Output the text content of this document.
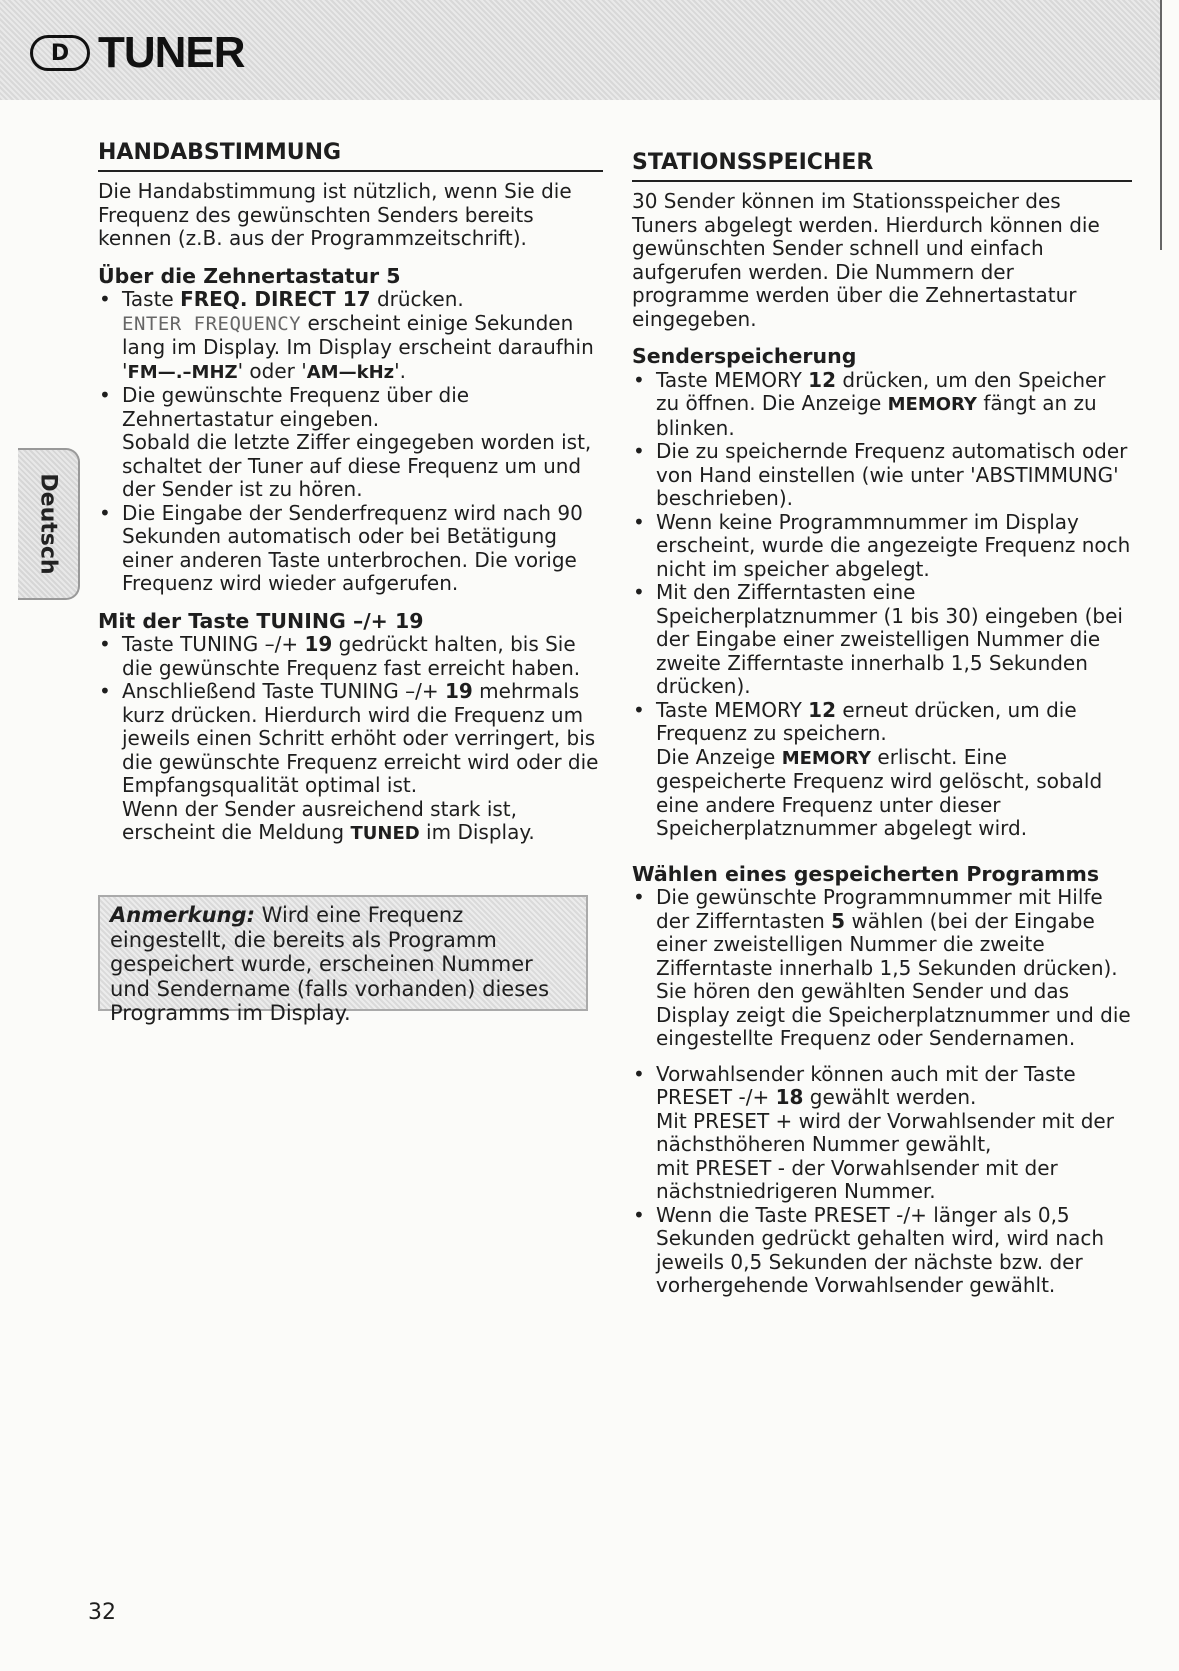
D TUNER
Deutsch
HANDABSTIMMUNG

Die Handabstimmung ist nützlich, wenn Sie die Frequenz des gewünschten Senders bereits kennen (z.B. aus der Programmzeitschrift).

Über die Zehnertastatur 5
• Taste FREQ. DIRECT 17 drücken.
ENTER FREQUENCY erscheint einige Sekunden lang im Display. Im Display erscheint daraufhin 'FM—.–MHZ' oder 'AM—kHz'.
• Die gewünschte Frequenz über die Zehnertastatur eingeben.
Sobald die letzte Ziffer eingegeben worden ist, schaltet der Tuner auf diese Frequenz um und der Sender ist zu hören.
• Die Eingabe der Senderfrequenz wird nach 90 Sekunden automatisch oder bei Betätigung einer anderen Taste unterbrochen. Die vorige Frequenz wird wieder aufgerufen.
Mit der Taste TUNING –/+ 19
• Taste TUNING –/+ 19 gedrückt halten, bis Sie die gewünschte Frequenz fast erreicht haben.
• Anschließend Taste TUNING –/+ 19 mehrmals kurz drücken. Hierdurch wird die Frequenz um jeweils einen Schritt erhöht oder verringert, bis die gewünschte Frequenz erreicht wird oder die Empfangsqualität optimal ist.
Wenn der Sender ausreichend stark ist, erscheint die Meldung TUNED im Display.
Anmerkung: Wird eine Frequenz eingestellt, die bereits als Programm gespeichert wurde, erscheinen Nummer und Sendername (falls vorhanden) dieses Programms im Display.
STATIONSSPEICHER

30 Sender können im Stationsspeicher des Tuners abgelegt werden. Hierdurch können die gewünschten Sender schnell und einfach aufgerufen werden. Die Nummern der programme werden über die Zehnertastatur eingegeben.

Senderspeicherung
• Taste MEMORY 12 drücken, um den Speicher zu öffnen. Die Anzeige MEMORY fängt an zu blinken.
• Die zu speichernde Frequenz automatisch oder von Hand einstellen (wie unter 'ABSTIMMUNG' beschrieben).
• Wenn keine Programmnummer im Display erscheint, wurde die angezeigte Frequenz noch nicht im speicher abgelegt.
• Mit den Zifferntasten eine Speicherplatznummer (1 bis 30) eingeben (bei der Eingabe einer zweistelligen Nummer die zweite Zifferntaste innerhalb 1,5 Sekunden drücken).
• Taste MEMORY 12 erneut drücken, um die Frequenz zu speichern.
Die Anzeige MEMORY erlischt. Eine gespeicherte Frequenz wird gelöscht, sobald eine andere Frequenz unter dieser Speicherplatznummer abgelegt wird.
Wählen eines gespeicherten Programms
• Die gewünschte Programmnummer mit Hilfe der Zifferntasten 5 wählen (bei der Eingabe einer zweistelligen Nummer die zweite Zifferntaste innerhalb 1,5 Sekunden drücken).
Sie hören den gewählten Sender und das Display zeigt die Speicherplatznummer und die eingestellte Frequenz oder Sendernamen.
• Vorwahlsender können auch mit der Taste PRESET -/+ 18 gewählt werden.
Mit PRESET + wird der Vorwahlsender mit der nächsthöheren Nummer gewählt,
mit PRESET - der Vorwahlsender mit der nächstniedrigeren Nummer.
• Wenn die Taste PRESET -/+ länger als 0,5 Sekunden gedrückt gehalten wird, wird nach jeweils 0,5 Sekunden der nächste bzw. der vorhergehende Vorwahlsender gewählt.
32
